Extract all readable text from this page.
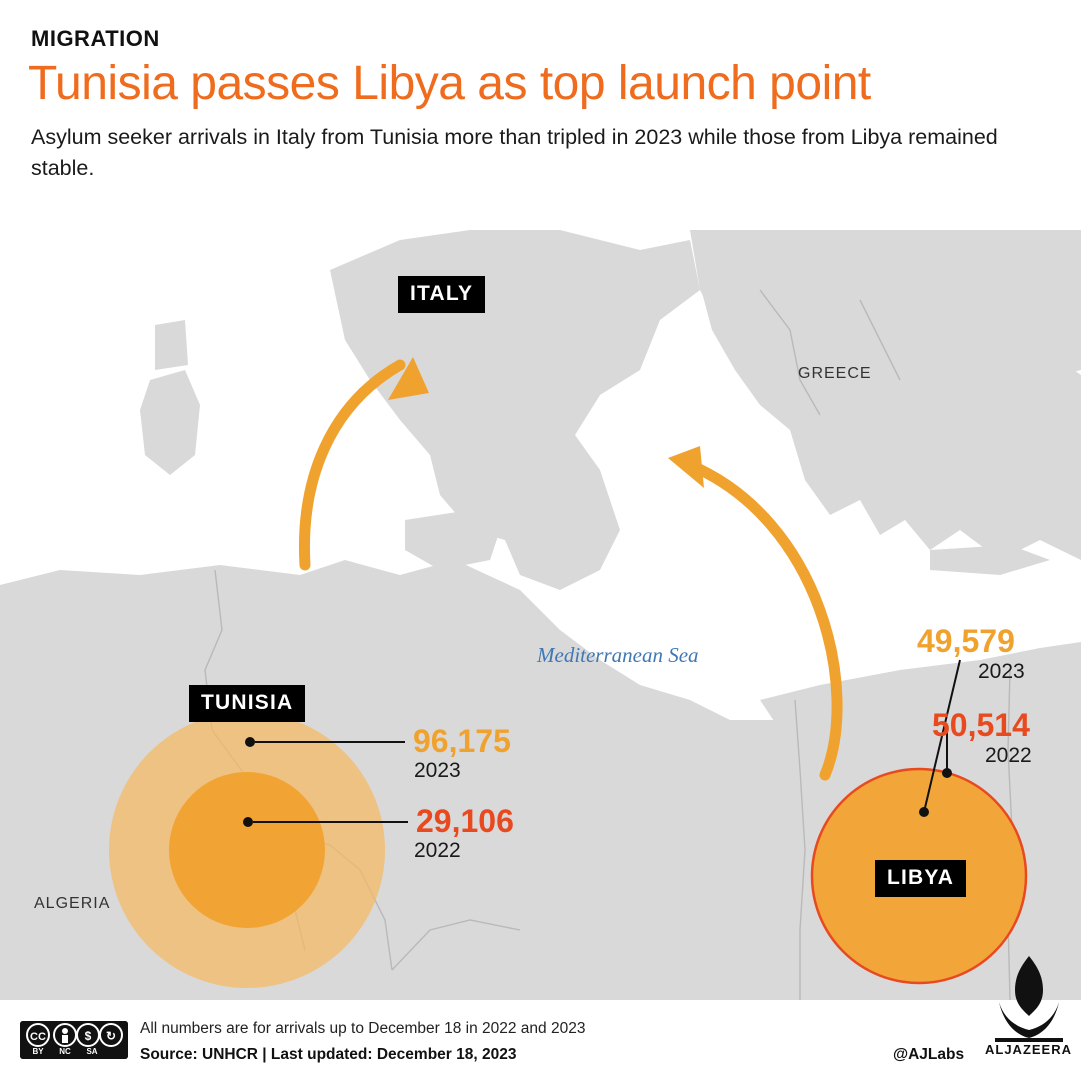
MIGRATION
Tunisia passes Libya as top launch point
Asylum seeker arrivals in Italy from Tunisia more than tripled in 2023 while those from Libya remained stable.
ITALY
GREECE
TUNISIA
LIBYA
ALGERIA
Mediterranean Sea
96,175
2023
29,106
2022
49,579
2023
50,514
2022
All numbers are for arrivals up to December 18 in 2022 and 2023
Source: UNHCR | Last updated: December 18, 2023	@AJLabs
CC	$ ↻
BY NC SA	ALJAZEERA
